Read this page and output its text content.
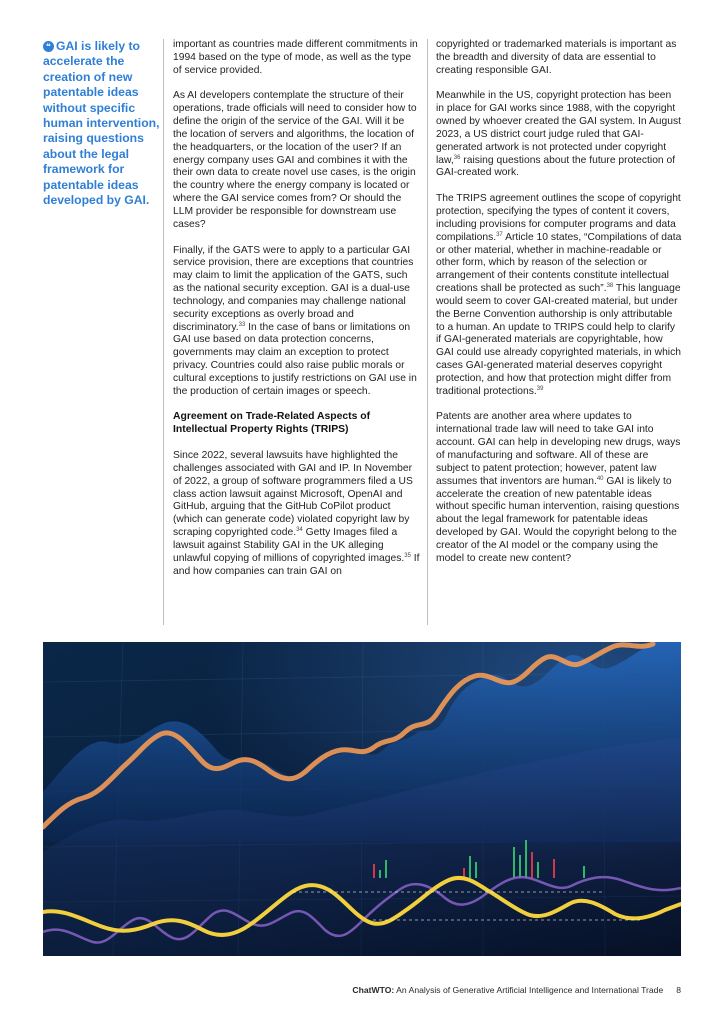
❝ GAI is likely to accelerate the creation of new patentable ideas without specific human intervention, raising questions about the legal framework for patentable ideas developed by GAI.

important as countries made different commitments in 1994 based on the type of mode, as well as the type of service provided.

As AI developers contemplate the structure of their operations, trade officials will need to consider how to define the origin of the service of the GAI. Will it be the location of servers and algorithms, the location of the headquarters, or the location of the user? If an energy company uses GAI and combines it with the their own data to create novel use cases, is the origin the country where the energy company is located or where the GAI service comes from? Or should the LLM provider be responsible for downstream use cases?

Finally, if the GATS were to apply to a particular GAI service provision, there are exceptions that countries may claim to limit the application of the GATS, such as the national security exception. GAI is a dual-use technology, and companies may challenge national security exceptions as overly broad and discriminatory.$^{33}$ In the case of bans or limitations on GAI use based on data protection concerns, governments may claim an exception to protect privacy. Countries could also raise public morals or cultural exceptions to justify restrictions on GAI use in the production of certain images or speech.

Agreement on Trade-Related Aspects of Intellectual Property Rights (TRIPS)

Since 2022, several lawsuits have highlighted the challenges associated with GAI and IP. In November of 2022, a group of software programmers filed a US class action lawsuit against Microsoft, OpenAI and GitHub, arguing that the GitHub CoPilot product (which can generate code) violated copyright law by scraping copyrighted code.$^{34}$ Getty Images filed a lawsuit against Stability GAI in the UK alleging unlawful copying of millions of copyrighted images.$^{35}$ If and how companies can train GAI on

copyrighted or trademarked materials is important as the breadth and diversity of data are essential to creating responsible GAI.

Meanwhile in the US, copyright protection has been in place for GAI works since 1988, with the copyright owned by whoever created the GAI system. In August 2023, a US district court judge ruled that GAI-generated artwork is not protected under copyright law,$^{36}$ raising questions about the future protection of GAI-created work.

The TRIPS agreement outlines the scope of copyright protection, specifying the types of content it covers, including provisions for computer programs and data compilations.$^{37}$ Article 10 states, “Compilations of data or other material, whether in machine-readable or other form, which by reason of the selection or arrangement of their contents constitute intellectual creations shall be protected as such”.$^{38}$ This language would seem to cover GAI-created material, but under the Berne Convention authorship is only attributable to a human. An update to TRIPS could help to clarify if GAI-generated materials are copyrightable, how GAI could use already copyrighted materials, in which cases GAI-generated material deserves copyright protection, and how that protection might differ from traditional protections.$^{39}$

Patents are another area where updates to international trade law will need to take GAI into account. GAI can help in developing new drugs, ways of manufacturing and software. All of these are subject to patent protection; however, patent law assumes that inventors are human.$^{40}$ GAI is likely to accelerate the creation of new patentable ideas without specific human intervention, raising questions about the legal framework for patentable ideas developed by GAI. Would the copyright belong to the creator of the AI model or the company using the model to create new content?

ChatWTO: An Analysis of Generative Artificial Intelligence and International Trade 8
